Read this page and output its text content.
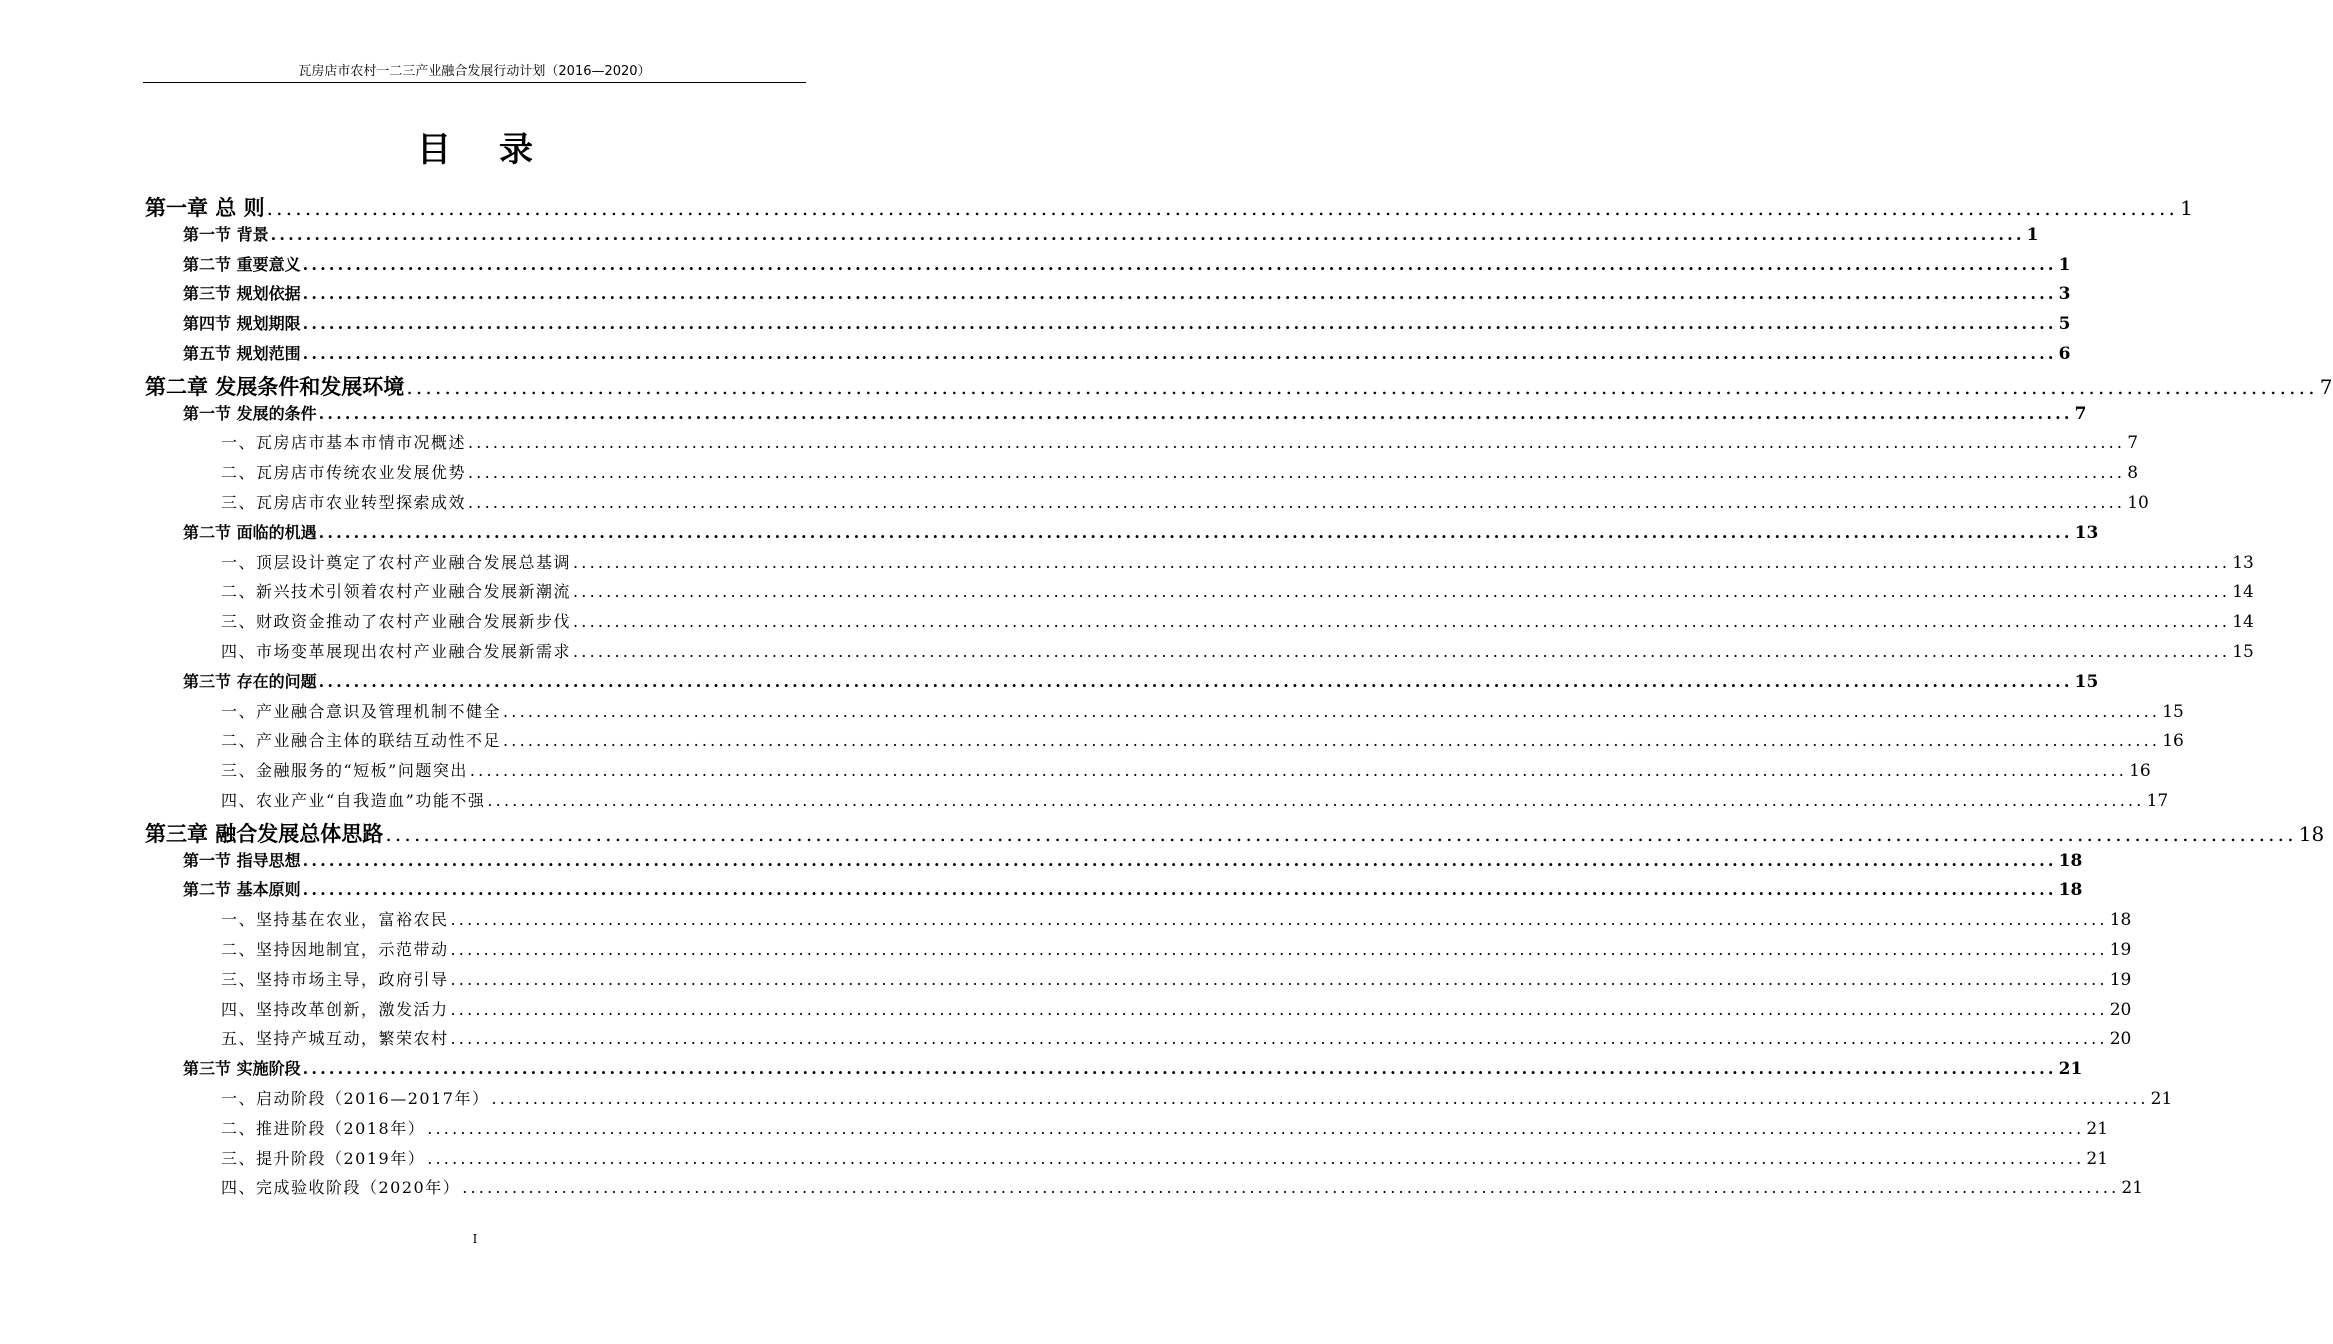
瓦房店市农村一二三产业融合发展行动计划（2016—2020）
目录
第一章 总 则 ........................................................................................................................................................................................................ 1
第一节 背景 ........................................................................................................................................................................................................ 1
第二节 重要意义 ........................................................................................................................................................................................................ 1
第三节 规划依据 ........................................................................................................................................................................................................ 3
第四节 规划期限 ........................................................................................................................................................................................................ 5
第五节 规划范围 ........................................................................................................................................................................................................ 6
第二章 发展条件和发展环境 ........................................................................................................................................................................................................ 7
第一节 发展的条件 ........................................................................................................................................................................................................ 7
一、瓦房店市基本市情市况概述 ........................................................................................................................................................................................................ 7
二、瓦房店市传统农业发展优势 ........................................................................................................................................................................................................ 8
三、瓦房店市农业转型探索成效 ........................................................................................................................................................................................................ 10
第二节 面临的机遇 ........................................................................................................................................................................................................ 13
一、顶层设计奠定了农村产业融合发展总基调 ........................................................................................................................................................................................................ 13
二、新兴技术引领着农村产业融合发展新潮流 ........................................................................................................................................................................................................ 14
三、财政资金推动了农村产业融合发展新步伐 ........................................................................................................................................................................................................ 14
四、市场变革展现出农村产业融合发展新需求 ........................................................................................................................................................................................................ 15
第三节 存在的问题 ........................................................................................................................................................................................................ 15
一、产业融合意识及管理机制不健全 ........................................................................................................................................................................................................ 15
二、产业融合主体的联结互动性不足 ........................................................................................................................................................................................................ 16
三、金融服务的“短板”问题突出 ........................................................................................................................................................................................................ 16
四、农业产业“自我造血”功能不强 ........................................................................................................................................................................................................ 17
第三章 融合发展总体思路 ........................................................................................................................................................................................................ 18
第一节 指导思想 ........................................................................................................................................................................................................ 18
第二节 基本原则 ........................................................................................................................................................................................................ 18
一、坚持基在农业，富裕农民 ........................................................................................................................................................................................................ 18
二、坚持因地制宜，示范带动 ........................................................................................................................................................................................................ 19
三、坚持市场主导，政府引导 ........................................................................................................................................................................................................ 19
四、坚持改革创新，激发活力 ........................................................................................................................................................................................................ 20
五、坚持产城互动，繁荣农村 ........................................................................................................................................................................................................ 20
第三节 实施阶段 ........................................................................................................................................................................................................ 21
一、启动阶段（2016—2017年） ........................................................................................................................................................................................................ 21
二、推进阶段（2018年） ........................................................................................................................................................................................................ 21
三、提升阶段（2019年） ........................................................................................................................................................................................................ 21
四、完成验收阶段（2020年） ........................................................................................................................................................................................................ 21
I
